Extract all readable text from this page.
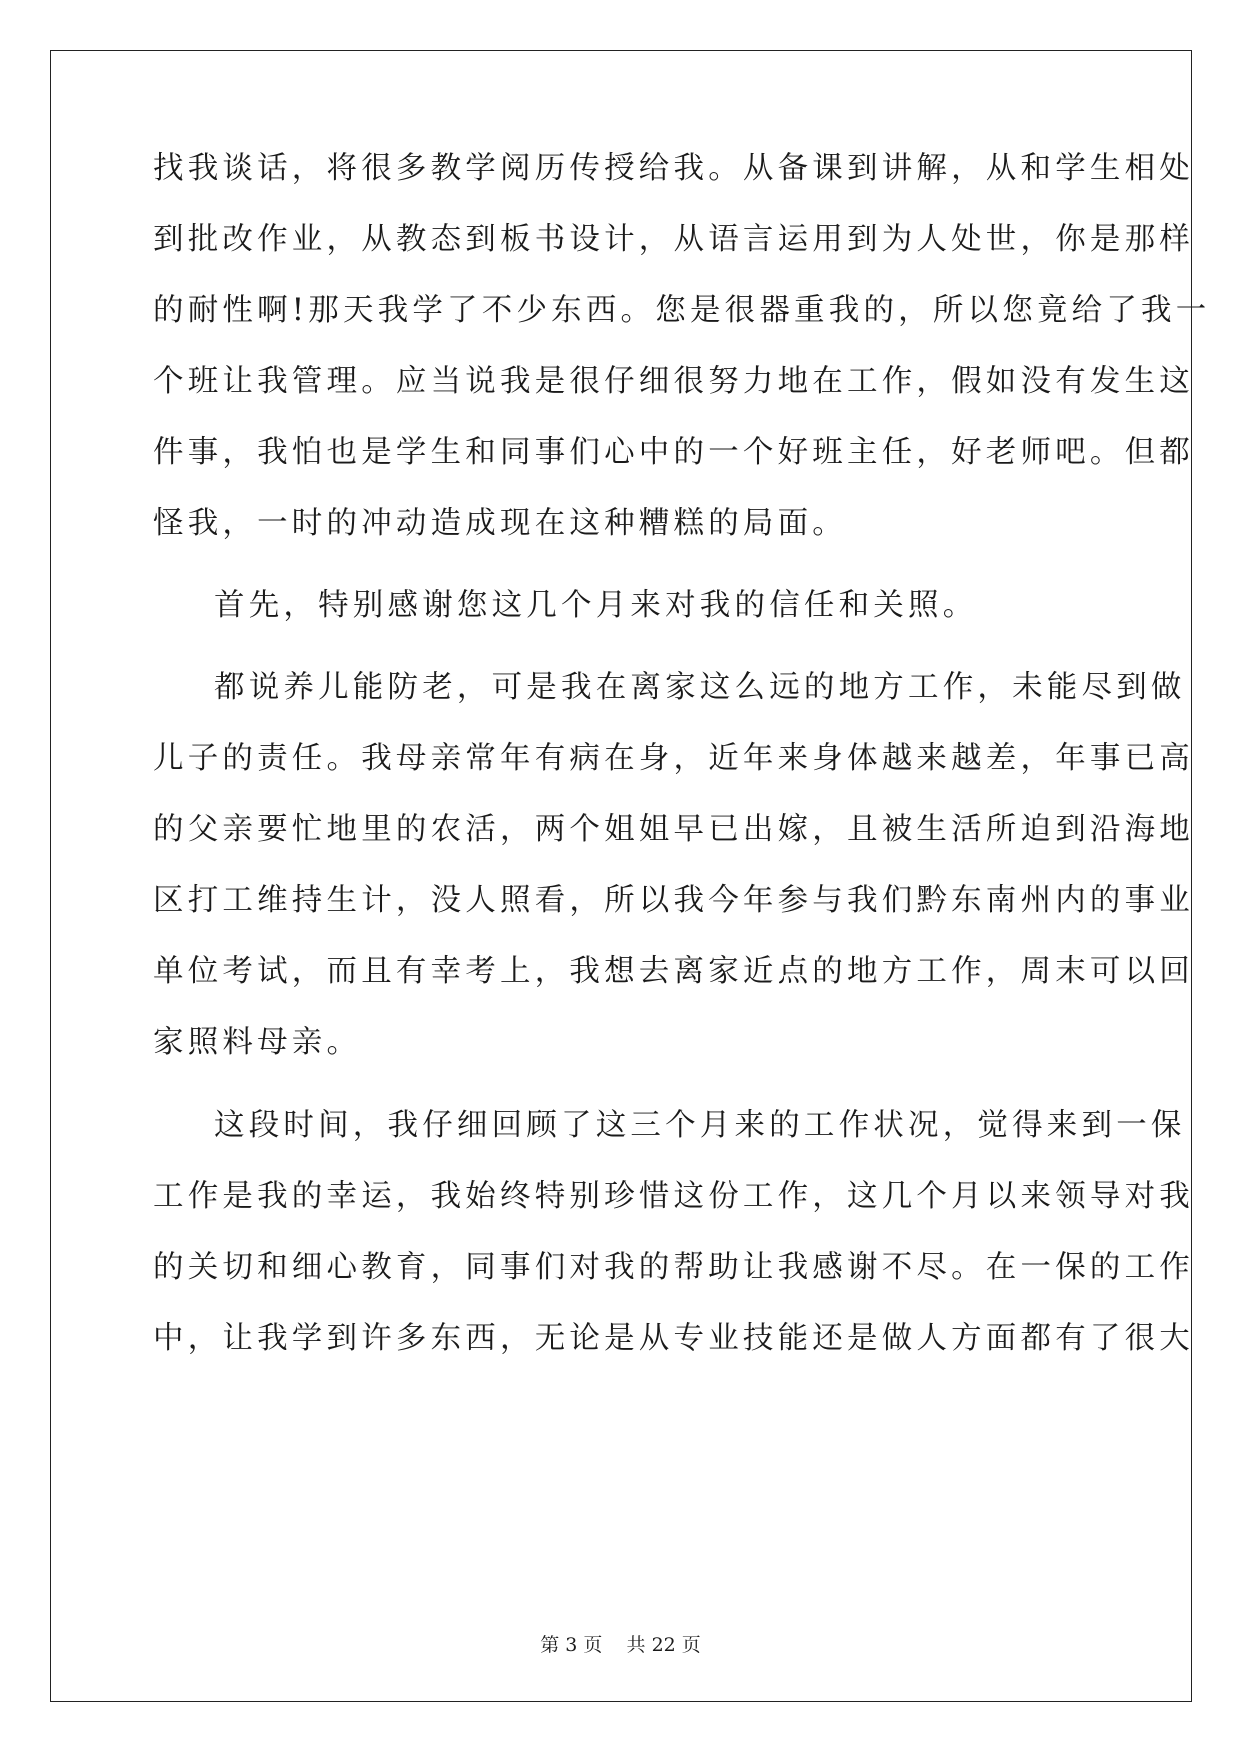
找我谈话，将很多教学阅历传授给我。从备课到讲解，从和学生相处
到批改作业，从教态到板书设计，从语言运用到为人处世，你是那样
的耐性啊!那天我学了不少东西。您是很器重我的，所以您竟给了我一
个班让我管理。应当说我是很仔细很努力地在工作，假如没有发生这
件事，我怕也是学生和同事们心中的一个好班主任，好老师吧。但都
怪我，一时的冲动造成现在这种糟糕的局面。
首先，特别感谢您这几个月来对我的信任和关照。
都说养儿能防老，可是我在离家这么远的地方工作，未能尽到做
儿子的责任。我母亲常年有病在身，近年来身体越来越差，年事已高
的父亲要忙地里的农活，两个姐姐早已出嫁，且被生活所迫到沿海地
区打工维持生计，没人照看，所以我今年参与我们黔东南州内的事业
单位考试，而且有幸考上，我想去离家近点的地方工作，周末可以回
家照料母亲。
这段时间，我仔细回顾了这三个月来的工作状况，觉得来到一保
工作是我的幸运，我始终特别珍惜这份工作，这几个月以来领导对我
的关切和细心教育，同事们对我的帮助让我感谢不尽。在一保的工作
中，让我学到许多东西，无论是从专业技能还是做人方面都有了很大
第 3 页    共 22 页
